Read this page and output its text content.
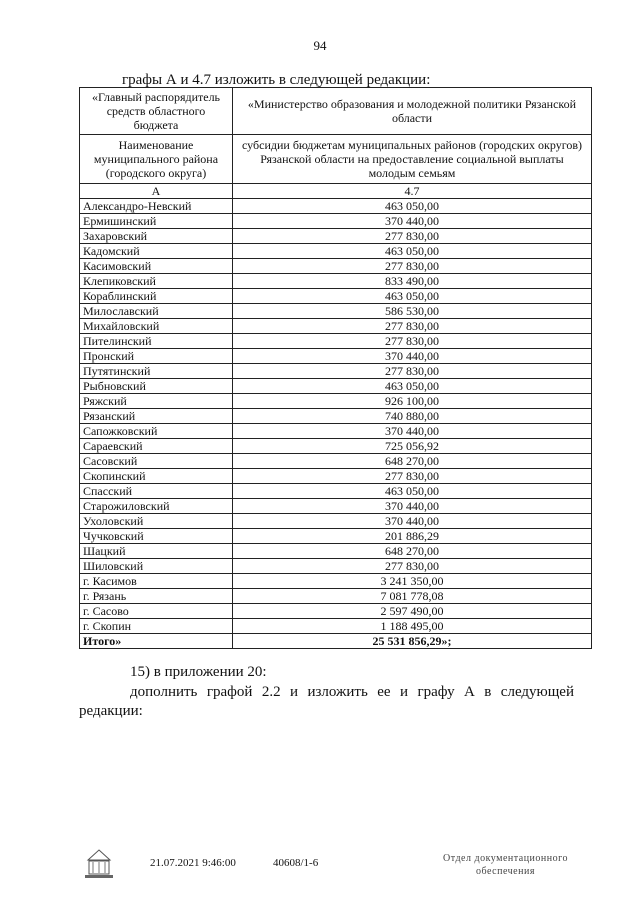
94
графы А и 4.7 изложить в следующей редакции:
«Главный распорядитель средств областного бюджета	«Министерство образования и молодежной политики Рязанской области
Наименование муниципального района (городского округа)	субсидии бюджетам муниципальных районов (городских округов) Рязанской области на предоставление социальной выплаты молодым семьям
А	4.7
Александро-Невский	463 050,00
Ермишинский	370 440,00
Захаровский	277 830,00
Кадомский	463 050,00
Касимовский	277 830,00
Клепиковский	833 490,00
Кораблинский	463 050,00
Милославский	586 530,00
Михайловский	277 830,00
Пителинский	277 830,00
Пронский	370 440,00
Путятинский	277 830,00
Рыбновский	463 050,00
Ряжский	926 100,00
Рязанский	740 880,00
Сапожковский	370 440,00
Сараевский	725 056,92
Сасовский	648 270,00
Скопинский	277 830,00
Спасский	463 050,00
Старожиловский	370 440,00
Ухоловский	370 440,00
Чучковский	201 886,29
Шацкий	648 270,00
Шиловский	277 830,00
г. Касимов	3 241 350,00
г. Рязань	7 081 778,08
г. Сасово	2 597 490,00
г. Скопин	1 188 495,00
Итого»	25 531 856,29»;
15) в приложении 20:
дополнить графой 2.2 и изложить ее и графу А в следующей
редакции:
21.07.2021 9:46:00	40608/1-6	Отдел документационного
обеспечения
